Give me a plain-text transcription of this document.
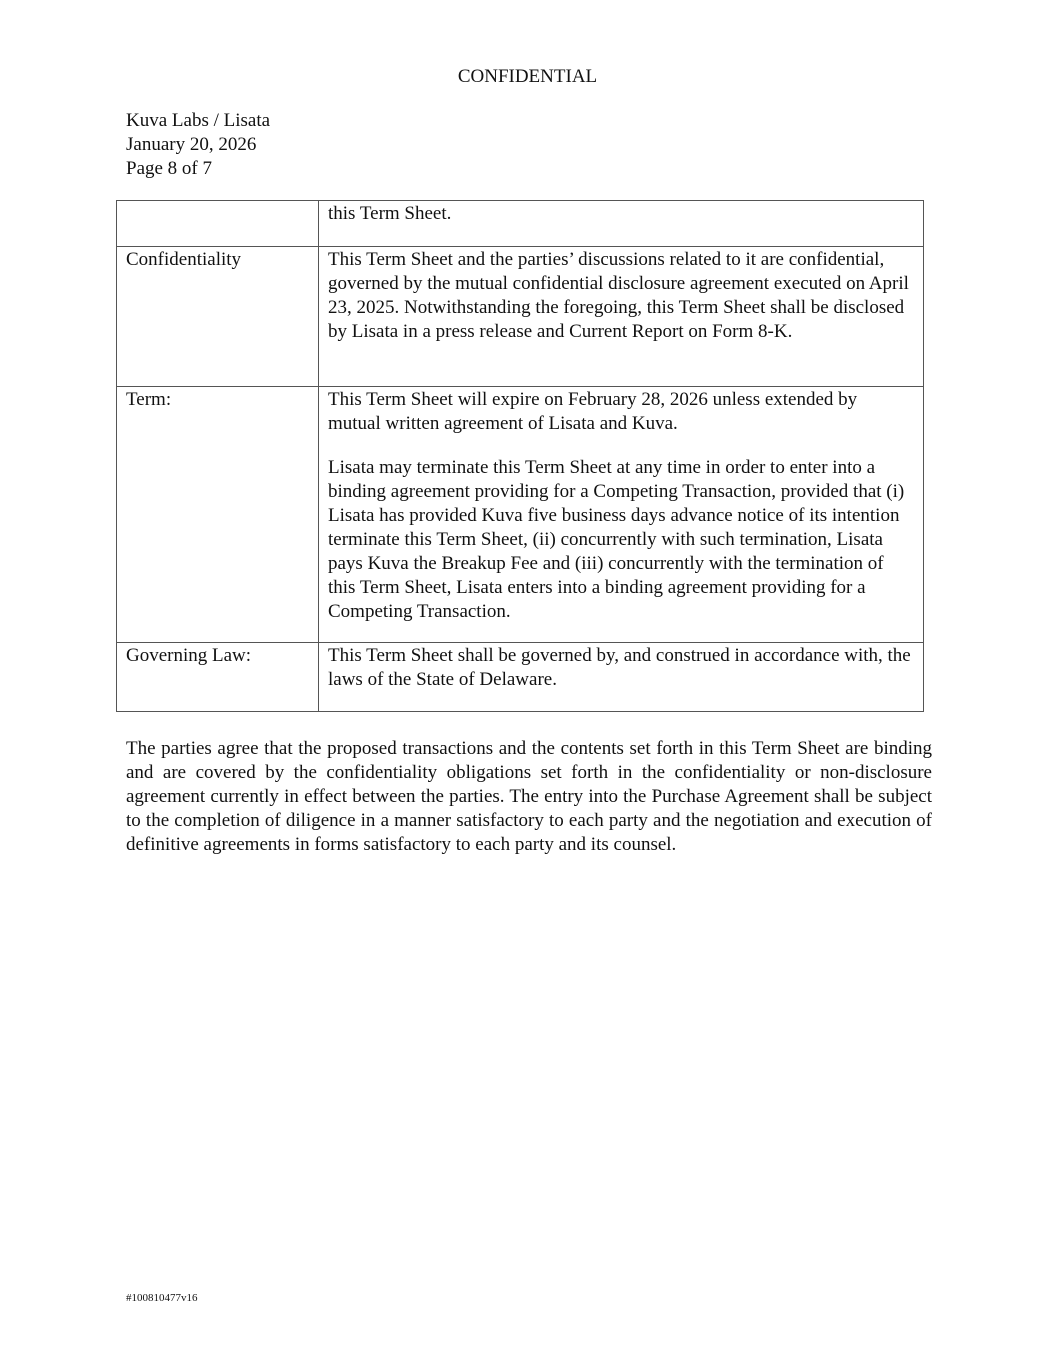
CONFIDENTIAL
Kuva Labs / Lisata
January 20, 2026
Page 8 of 7

	this Term Sheet.

Confidentiality	This Term Sheet and the parties’ discussions related to it are confidential, governed by the mutual confidential disclosure agreement executed on April 23, 2025. Notwithstanding the foregoing, this Term Sheet shall be disclosed by Lisata in a press release and Current Report on Form 8-K.

Term:	This Term Sheet will expire on February 28, 2026 unless extended by mutual written agreement of Lisata and Kuva.

Lisata may terminate this Term Sheet at any time in order to enter into a binding agreement providing for a Competing Transaction, provided that (i) Lisata has provided Kuva five business days advance notice of its intention terminate this Term Sheet, (ii) concurrently with such termination, Lisata pays Kuva the Breakup Fee and (iii) concurrently with the termination of this Term Sheet, Lisata enters into a binding agreement providing for a Competing Transaction.

Governing Law:	This Term Sheet shall be governed by, and construed in accordance with, the laws of the State of Delaware.

The parties agree that the proposed transactions and the contents set forth in this Term Sheet are binding and are covered by the confidentiality obligations set forth in the confidentiality or non-disclosure agreement currently in effect between the parties. The entry into the Purchase Agreement shall be subject to the completion of diligence in a manner satisfactory to each party and the negotiation and execution of definitive agreements in forms satisfactory to each party and its counsel.

#100810477v16
